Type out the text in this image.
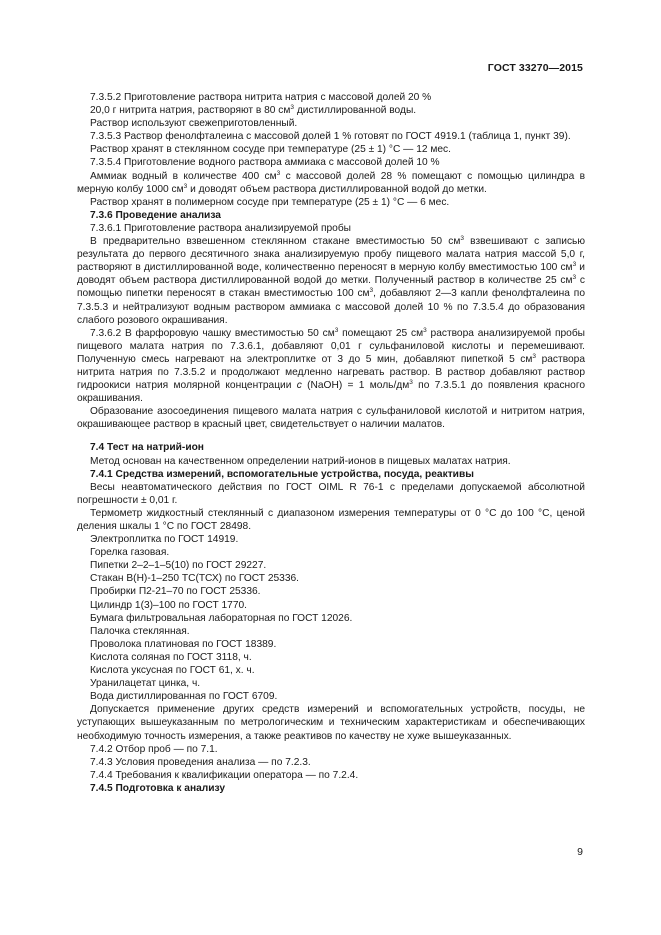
ГОСТ 33270—2015

7.3.5.2 Приготовление раствора нитрита натрия с массовой долей 20 %

20,0 г нитрита натрия, растворяют в 80 $см^3$ дистиллированной воды.

Раствор используют свежеприготовленный.

7.3.5.3 Раствор фенолфталеина с массовой долей 1 % готовят по ГОСТ 4919.1 (таблица 1, пункт 39).

Раствор хранят в стеклянном сосуде при температуре (25 ± 1) °С — 12 мес.

7.3.5.4 Приготовление водного раствора аммиака с массовой долей 10 %

Аммиак водный в количестве 400 $см^3$ с массовой долей 28 % помещают с помощью цилиндра в мерную колбу 1000 $см^3$ и доводят объем раствора дистиллированной водой до метки.

Раствор хранят в полимерном сосуде при температуре (25 ± 1) °С — 6 мес.

7.3.6 Проведение анализа

7.3.6.1 Приготовление раствора анализируемой пробы

В предварительно взвешенном стеклянном стакане вместимостью 50 $см^3$ взвешивают с записью результата до первого десятичного знака анализируемую пробу пищевого малата натрия массой 5,0 г, растворяют в дистиллированной воде, количественно переносят в мерную колбу вместимостью 100 $см^3$ и доводят объем раствора дистиллированной водой до метки. Полученный раствор в количестве 25 $см^3$ с помощью пипетки переносят в стакан вместимостью 100 $см^3$, добавляют 2—3 капли фенолфталеина по 7.3.5.3 и нейтрализуют водным раствором аммиака с массовой долей 10 % по 7.3.5.4 до образования слабого розового окрашивания.

7.3.6.2 В фарфоровую чашку вместимостью 50 $см^3$ помещают 25 $см^3$ раствора анализируемой пробы пищевого малата натрия по 7.3.6.1, добавляют 0,01 г сульфаниловой кислоты и перемешивают. Полученную смесь нагревают на электроплитке от 3 до 5 мин, добавляют пипеткой 5 $см^3$ раствора нитрита натрия по 7.3.5.2 и продолжают медленно нагревать раствор. В раствор добавляют раствор гидроокиси натрия молярной концентрации с (NaOH) = 1 моль/$дм^3$ по 7.3.5.1 до появления красного окрашивания.

Образование азосоединения пищевого малата натрия с сульфаниловой кислотой и нитритом натрия, окрашивающее раствор в красный цвет, свидетельствует о наличии малатов.

7.4 Тест на натрий-ион

Метод основан на качественном определении натрий-ионов в пищевых малатах натрия.

7.4.1 Средства измерений, вспомогательные устройства, посуда, реактивы

Весы неавтоматического действия по ГОСТ OIML R 76-1 с пределами допускаемой абсолютной погрешности ± 0,01 г.

Термометр жидкостный стеклянный с диапазоном измерения температуры от 0 °С до 100 °С, ценой деления шкалы 1 °С по ГОСТ 28498.

Электроплитка по ГОСТ 14919.

Горелка газовая.

Пипетки 2–2–1–5(10) по ГОСТ 29227.

Стакан В(Н)-1–250 ТС(ТСХ) по ГОСТ 25336.

Пробирки П2-21–70 по ГОСТ 25336.

Цилиндр 1(3)–100 по ГОСТ 1770.

Бумага фильтровальная лабораторная по ГОСТ 12026.

Палочка стеклянная.

Проволока платиновая по ГОСТ 18389.

Кислота соляная по ГОСТ 3118, ч.

Кислота уксусная по ГОСТ 61, х. ч.

Уранилацетат цинка, ч.

Вода дистиллированная по ГОСТ 6709.

Допускается применение других средств измерений и вспомогательных устройств, посуды, не уступающих вышеуказанным по метрологическим и техническим характеристикам и обеспечивающих необходимую точность измерения, а также реактивов по качеству не хуже вышеуказанных.

7.4.2 Отбор проб — по 7.1.

7.4.3 Условия проведения анализа — по 7.2.3.

7.4.4 Требования к квалификации оператора — по 7.2.4.

7.4.5 Подготовка к анализу

9
